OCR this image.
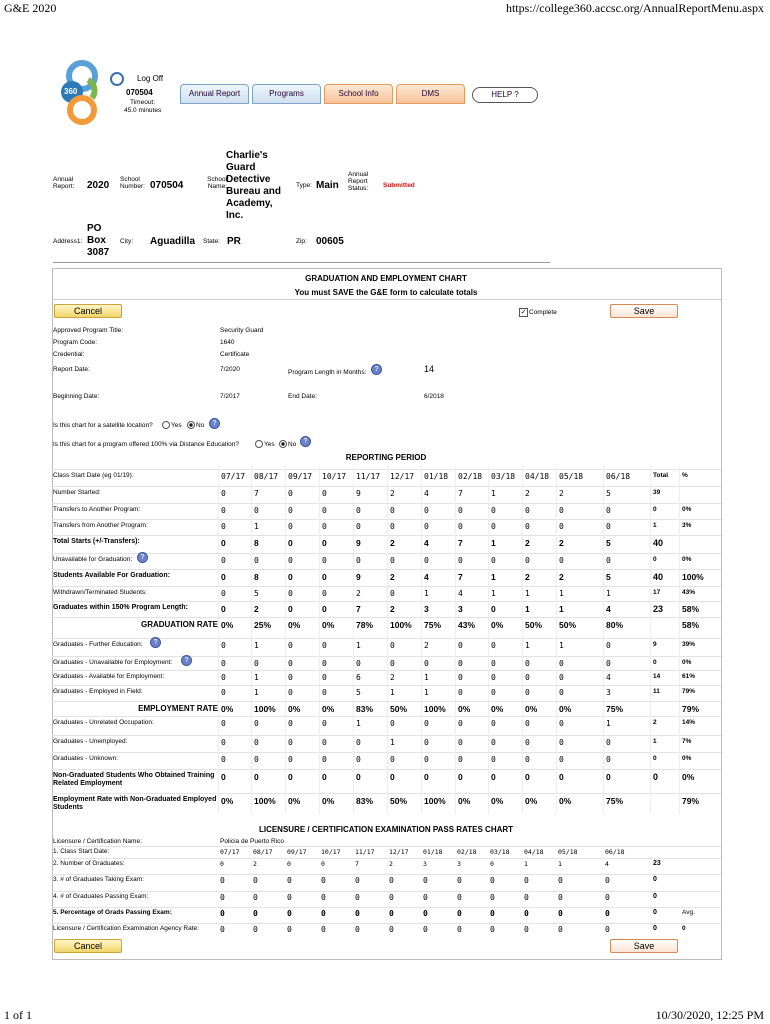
G&E 2020	https://college360.accsc.org/AnnualReportMenu.aspx
1 of 1	10/30/2020, 12:25 PM
360
Log Off
070504
Timeout:
45.0 minutes
Annual Report	Programs	School Info	DMS	HELP ?
Annual Report:	2020
School Number: 070504
School Name:
Charlie's
Guard
Detective
Bureau and
Academy,
Inc.
Type: Main
Annual Report Status:	Submitted
Address1:
PO
Box
3087
City: Aguadilla State: PR	Zip: 00605
GRADUATION AND EMPLOYMENT CHART
You must SAVE the G&E form to calculate totals
Cancel	✓ Complete	Save
Approved Program Title:	Security Guard
Program Code:	1640
Credential:	Certificate
Report Date:	7/2020	Program Length in Months:	?	14
Beginning Date:	7/2017	End Date:	6/2018
Is this chart for a satellite location?	Yes No	?
Is this chart for a program offered 100% via Distance Education?	Yes No	?
REPORTING PERIOD
07/17 08/17 09/17 10/17 11/17 12/17 01/18 02/18 03/18 04/18 05/18	06/18	Total %
Class Start Date (eg 01/19):
Number Started:	0	7	0	0	9	2	4	7	1	2	2	5	39
Transfers to Another Program:	0	0	0	0	0	0	0	0	0	0	0	0	0	0%
Transfers from Another Program:	0	1	0	0	0	0	0	0	0	0	0	0	1	3%
Total Starts (+/-Transfers):	0	8	0	0	9	2	4	7	1	2	2	5	40
Unavailable for Graduation:	0	0	0	0	0	0	0	0	0	0	0	0	0	0%
Students Available For Graduation:	0	8	0	0	9	2	4	7	1	2	2	5	40 100%
Withdrawn/Terminated Students:	0	5	0	0	2	0	1	4	1	1	1	1	17	43%
Graduates within 150% Program Length:	0	2	0	0	7	2	3	3	0	1	1	4	23 58%
GRADUATION RATE 0% 25% 0%	0%	78% 100% 75% 43% 0%	50% 50%	80%	58%
Graduates - Further Education:	0	1	0	0	1	0	2	0	0	1	1	0	9	39%
Graduates - Unavailable for Employment:	0	0	0	0	0	0	0	0	0	0	0	0	0	0%
Graduates - Available for Employment:	0	1	0	0	6	2	1	0	0	0	0	4	14	61%
Graduates - Employed in Field:	0	1	0	0	5	1	1	0	0	0	0	3	11	79%
EMPLOYMENT RATE 0% 100% 0%	0%	83% 50% 100% 0% 0%	0%	0%	75%	79%
Graduates - Unrelated Occupation:	0	0	0	0	1	0	0	0	0	0	0	1	2	14%
Graduates - Unemployed:	0	0	0	0	0	1	0	0	0	0	0	0	1	7%
Graduates - Unknown:	0	0	0	0	0	0	0	0	0	0	0	0	0	0%
Non-Graduated Students Who Obtained Training Related Employment
0	0	0	0	0	0	0	0	0	0	0	0	0	0%
Employment Rate with Non-Graduated Employed Students
0% 100% 0%	0%	83% 50% 100% 0% 0%	0%	0%	75%	79%
?
?
?
1. Class Start Date:	07/17 08/17 09/17 10/17 11/17 12/17 01/18 02/18 03/18 04/18 05/18	06/18
2. Number of Graduates:	0	2	0	0	7	2	3	3	0	1	1	4	23
3. # of Graduates Taking Exam:	0	0	0	0	0	0	0	0	0	0	0	0	0
4. # of Graduates Passing Exam:	0	0	0	0	0	0	0	0	0	0	0	0	0
5. Percentage of Grads Passing Exam:	0	0	0	0	0	0	0	0	0	0	0	0	0	Avg.
Licensure / Certification Examination Agency Rate:	0	0	0	0	0	0	0	0	0	0	0	0	0	0
LICENSURE / CERTIFICATION EXAMINATION PASS RATES CHART
Licensure / Certification Name:	Policia de Puerto Rico
Cancel	Save
